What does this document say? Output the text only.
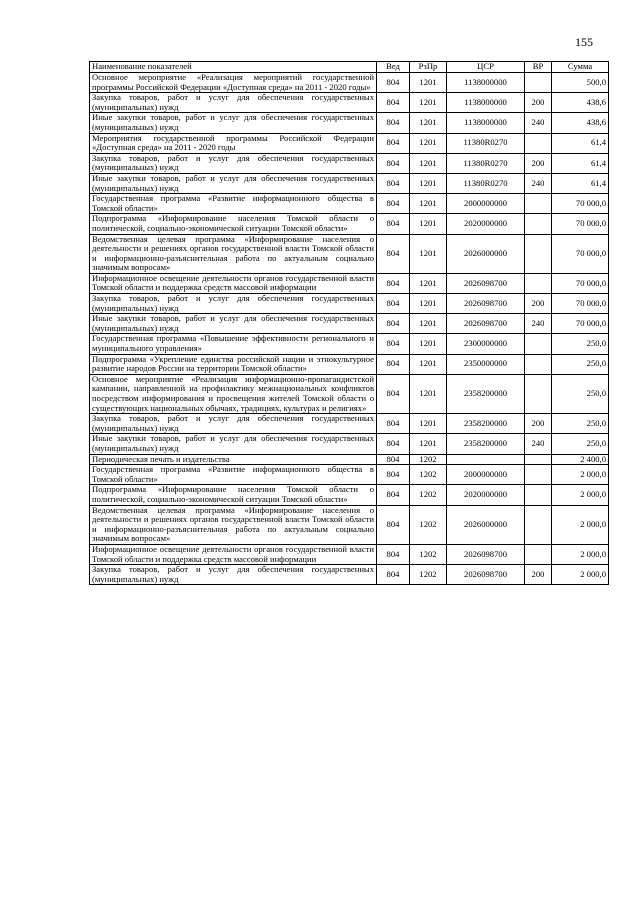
155
Наименование показателей	Вед	РзПр	ЦСР	ВР	Сумма
Основное мероприятие «Реализация мероприятий государственной программы Российской Федерации «Доступная среда» на 2011 - 2020 годы»	804	1201	1138000000		500,0
Закупка товаров, работ и услуг для обеспечения государственных (муниципальных) нужд	804	1201	1138000000	200	438,6
Иные закупки товаров, работ и услуг для обеспечения государственных (муниципальных) нужд	804	1201	1138000000	240	438,6
Мероприятия государственной программы Российской Федерации «Доступная среда» на 2011 - 2020 годы	804	1201	11380R0270		61,4
Закупка товаров, работ и услуг для обеспечения государственных (муниципальных) нужд	804	1201	11380R0270	200	61,4
Иные закупки товаров, работ и услуг для обеспечения государственных (муниципальных) нужд	804	1201	11380R0270	240	61,4
Государственная программа «Развитие информационного общества в Томской области»	804	1201	2000000000		70 000,0
Подпрограмма «Информирование населения Томской области о политической, социально-экономической ситуации Томской области»	804	1201	2020000000		70 000,0
Ведомственная целевая программа «Информирование населения о деятельности и решениях органов государственной власти Томской области и информационно-разъяснительная работа по актуальным социально значимым вопросам»	804	1201	2026000000		70 000,0
Информационное освещение деятельности органов государственной власти Томской области и поддержка средств массовой информации	804	1201	2026098700		70 000,0
Закупка товаров, работ и услуг для обеспечения государственных (муниципальных) нужд	804	1201	2026098700	200	70 000,0
Иные закупки товаров, работ и услуг для обеспечения государственных (муниципальных) нужд	804	1201	2026098700	240	70 000,0
Государственная программа «Повышение эффективности регионального и муниципального управления»	804	1201	2300000000		250,0
Подпрограмма «Укрепление единства российской нации и этнокультурное развитие народов России на территории Томской области»	804	1201	2350000000		250,0
Основное мероприятие «Реализация информационно-пропагандистской кампании, направленной на профилактику межнациональных конфликтов посредством информирования и просвещения жителей Томской области о существующих национальных обычаях, традициях, культурах и религиях»	804	1201	2358200000		250,0
Закупка товаров, работ и услуг для обеспечения государственных (муниципальных) нужд	804	1201	2358200000	200	250,0
Иные закупки товаров, работ и услуг для обеспечения государственных (муниципальных) нужд	804	1201	2358200000	240	250,0
Периодическая печать и издательства	804	1202			2 400,0
Государственная программа «Развитие информационного общества в Томской области»	804	1202	2000000000		2 000,0
Подпрограмма «Информирование населения Томской области о политической, социально-экономической ситуации Томской области»	804	1202	2020000000		2 000,0
Ведомственная целевая программа «Информирование населения о деятельности и решениях органов государственной власти Томской области и информационно-разъяснительная работа по актуальным социально значимым вопросам»	804	1202	2026000000		2 000,0
Информационное освещение деятельности органов государственной власти Томской области и поддержка средств массовой информации	804	1202	2026098700		2 000,0
Закупка товаров, работ и услуг для обеспечения государственных (муниципальных) нужд	804	1202	2026098700	200	2 000,0
